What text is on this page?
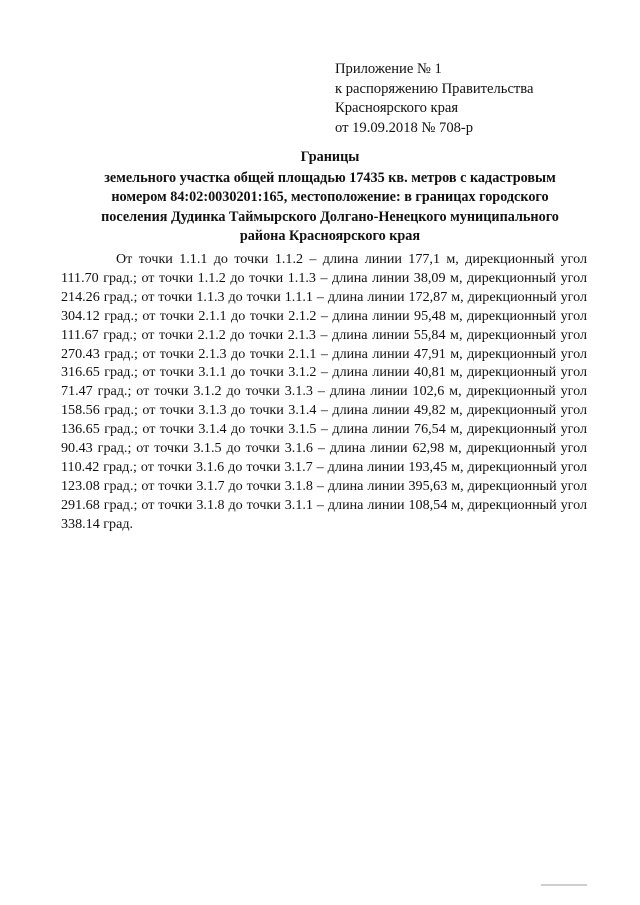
Приложение № 1
к распоряжению Правительства
Красноярского края
от 19.09.2018 № 708-р
Границы
земельного участка общей площадью 17435 кв. метров с кадастровым
номером 84:02:0030201:165, местоположение: в границах городского
поселения Дудинка Таймырского Долгано-Ненецкого муниципального
района Красноярского края

От точки 1.1.1 до точки 1.1.2 – длина линии 177,1 м, дирекционный угол 111.70 град.; от точки 1.1.2 до точки 1.1.3 – длина линии 38,09 м, дирекционный угол 214.26 град.; от точки 1.1.3 до точки 1.1.1 – длина линии 172,87 м, дирекционный угол 304.12 град.; от точки 2.1.1 до точки 2.1.2 – длина линии 95,48 м, дирекционный угол 111.67 град.; от точки 2.1.2 до точки 2.1.3 – длина линии 55,84 м, дирекционный угол 270.43 град.; от точки 2.1.3 до точки 2.1.1 – длина линии 47,91 м, дирекционный угол 316.65 град.; от точки 3.1.1 до точки 3.1.2 – длина линии 40,81 м, дирекционный угол 71.47 град.; от точки 3.1.2 до точки 3.1.3 – длина линии 102,6 м, дирекционный угол 158.56 град.; от точки 3.1.3 до точки 3.1.4 – длина линии 49,82 м, дирекционный угол 136.65 град.; от точки 3.1.4 до точки 3.1.5 – длина линии 76,54 м, дирекционный угол 90.43 град.; от точки 3.1.5 до точки 3.1.6 – длина линии 62,98 м, дирекционный угол 110.42 град.; от точки 3.1.6 до точки 3.1.7 – длина линии 193,45 м, дирекционный угол 123.08 град.; от точки 3.1.7 до точки 3.1.8 – длина линии 395,63 м, дирекционный угол 291.68 град.; от точки 3.1.8 до точки 3.1.1 – длина линии 108,54 м, дирекционный угол 338.14 град.
